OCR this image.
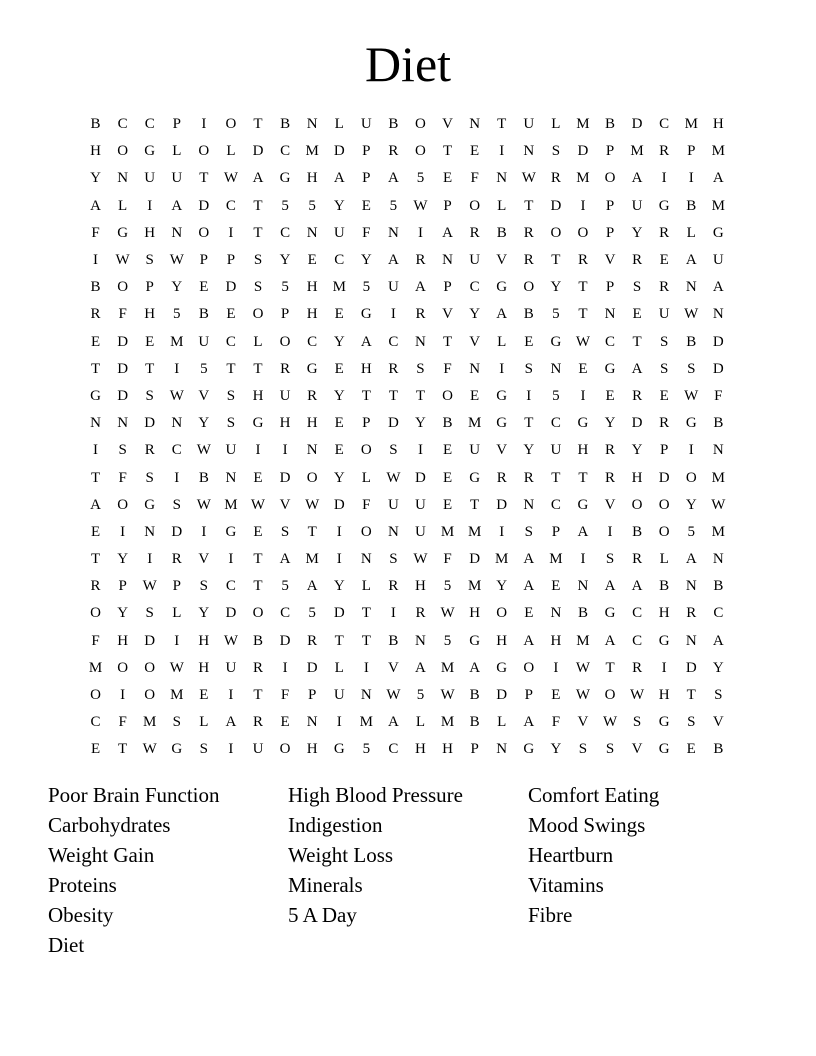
Diet
B	C	C	P	I	O	T	B	N	L	U	B	O	V	N	T	U	L	M	B	D	C	M H
H	O	G	L	O	L	D	C	M D	P	R	O	T	E	I	N	S	D	P	M	R	P	M
Y	N	U	U	T	W A	G	H	A	P	A	5	E	F	N W R	M O	A	I	I	A
A	L	I	A	D	C	T	5	5	Y	E	5	W	P	O	L	T	D	I	P	U	G	B	M
F	G	H	N	O	I	T	C	N	U	F	N	I	A	R	B	R	O	O	P	Y	R	L	G
I	W	S	W	P	P	S	Y	E	C	Y	A	R	N	U	V	R	T	R	V	R	E	A	U
B	O	P	Y	E	D	S	5	H M	5	U	A	P	C	G	O	Y	T	P	S	R	N	A
R	F	H	5	B	E	O	P	H	E	G	I	R	V	Y	A	B	5	T	N	E	U W N
E	D	E	M U	C	L	O	C	Y	A	C	N	T	V	L	E	G W C	T	S	B	D
T	D	T	I	5	T	T	R	G	E	H	R	S	F	N	I	S	N	E	G	A	S	S	D
G	D	S	W V	S	H	U	R	Y	T	T	T	O	E	G	I	5	I	E	R	E	W	F
N	N	D	N	Y	S	G	H	H	E	P	D	Y	B	M G	T	C	G	Y	D	R	G	B
I	S	R	C W U	I	I	N	E	O	S	I	E	U	V	Y	U	H	R	Y	P	I	N
T	F	S	I	B	N	E	D	O	Y	L	W D	E	G	R	R	T	T	R	H	D	O M
A	O	G	S	W M W V W D	F	U	U	E	T	D	N	C	G	V	O	O	Y W
E	I	N	D	I	G	E	S	T	I	O	N	U M M	I	S	P	A	I	B	O	5	M
T	Y	I	R	V	I	T	A M	I	N	S	W	F	D M A M	I	S	R	L	A	N
R	P	W	P	S	C	T	5	A	Y	L	R	H	5	M Y	A	E	N	A	A	B	N	B
O	Y	S	L	Y	D	O	C	5	D	T	I	R W H	O	E	N	B	G	C	H	R	C
F	H	D	I	H W B	D	R	T	T	B	N	5	G	H	A	H M A	C	G	N	A
M O	O W H	U	R	I	D	L	I	V	A M A	G	O	I	W	T	R	I	D	Y
O	I	O M	E	I	T	F	P	U	N W	5	W B	D	P	E	W O W H	T	S
C	F	M	S	L	A	R	E	N	I	M A	L	M	B	L	A	F	V W	S	G	S	V
E	T	W G	S	I	U	O	H	G	5	C	H	H	P	N	G	Y	S	S	V	G	E	B
Poor Brain Function	High Blood Pressure	Comfort Eating
Carbohydrates	Indigestion	Mood Swings
Weight Gain	Weight Loss	Heartburn
Proteins	Minerals	Vitamins
Obesity	5 A Day	Fibre
Diet
